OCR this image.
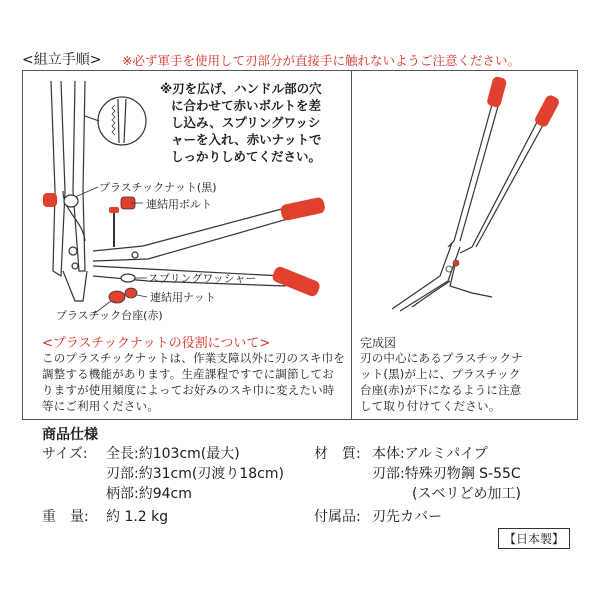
<組立手順> ※必ず軍手を使用して刃部分が直接手に触れないようご注意ください。
プラスチックナット(黒)
連結用ボルト
スプリングワッシャー
連結用ナット
プラスチック台座(赤)
※刃を広げ、ハンドル部の穴
に合わせて赤いボルトを差
し込み、スプリングワッシ
ャーを入れ、赤いナットで
しっかりしめてください。
<プラスチックナットの役割について>
このプラスチックナットは、作業支障以外に刃のスキ巾を
調整する機能があります。生産課程ですでに調節してお
りますが使用頻度によってお好みのスキ巾に変えたい時
等にご利用ください。
完成図
刃の中心にあるプラスチックナ
ット(黒)が上に、プラスチック
台座(赤)が下になるように注意
して取り付けてください。
商品仕様
サイズ: 全長:約103cm(最大)
刃部:約31cm(刃渡り18cm)
柄部:約94cm
重　量: 約 1.2 kg
材　質: 本体:アルミパイプ
刃部:特殊刃物鋼 S-55C
(スベリどめ加工)
付属品: 刃先カバー
【日本製】
